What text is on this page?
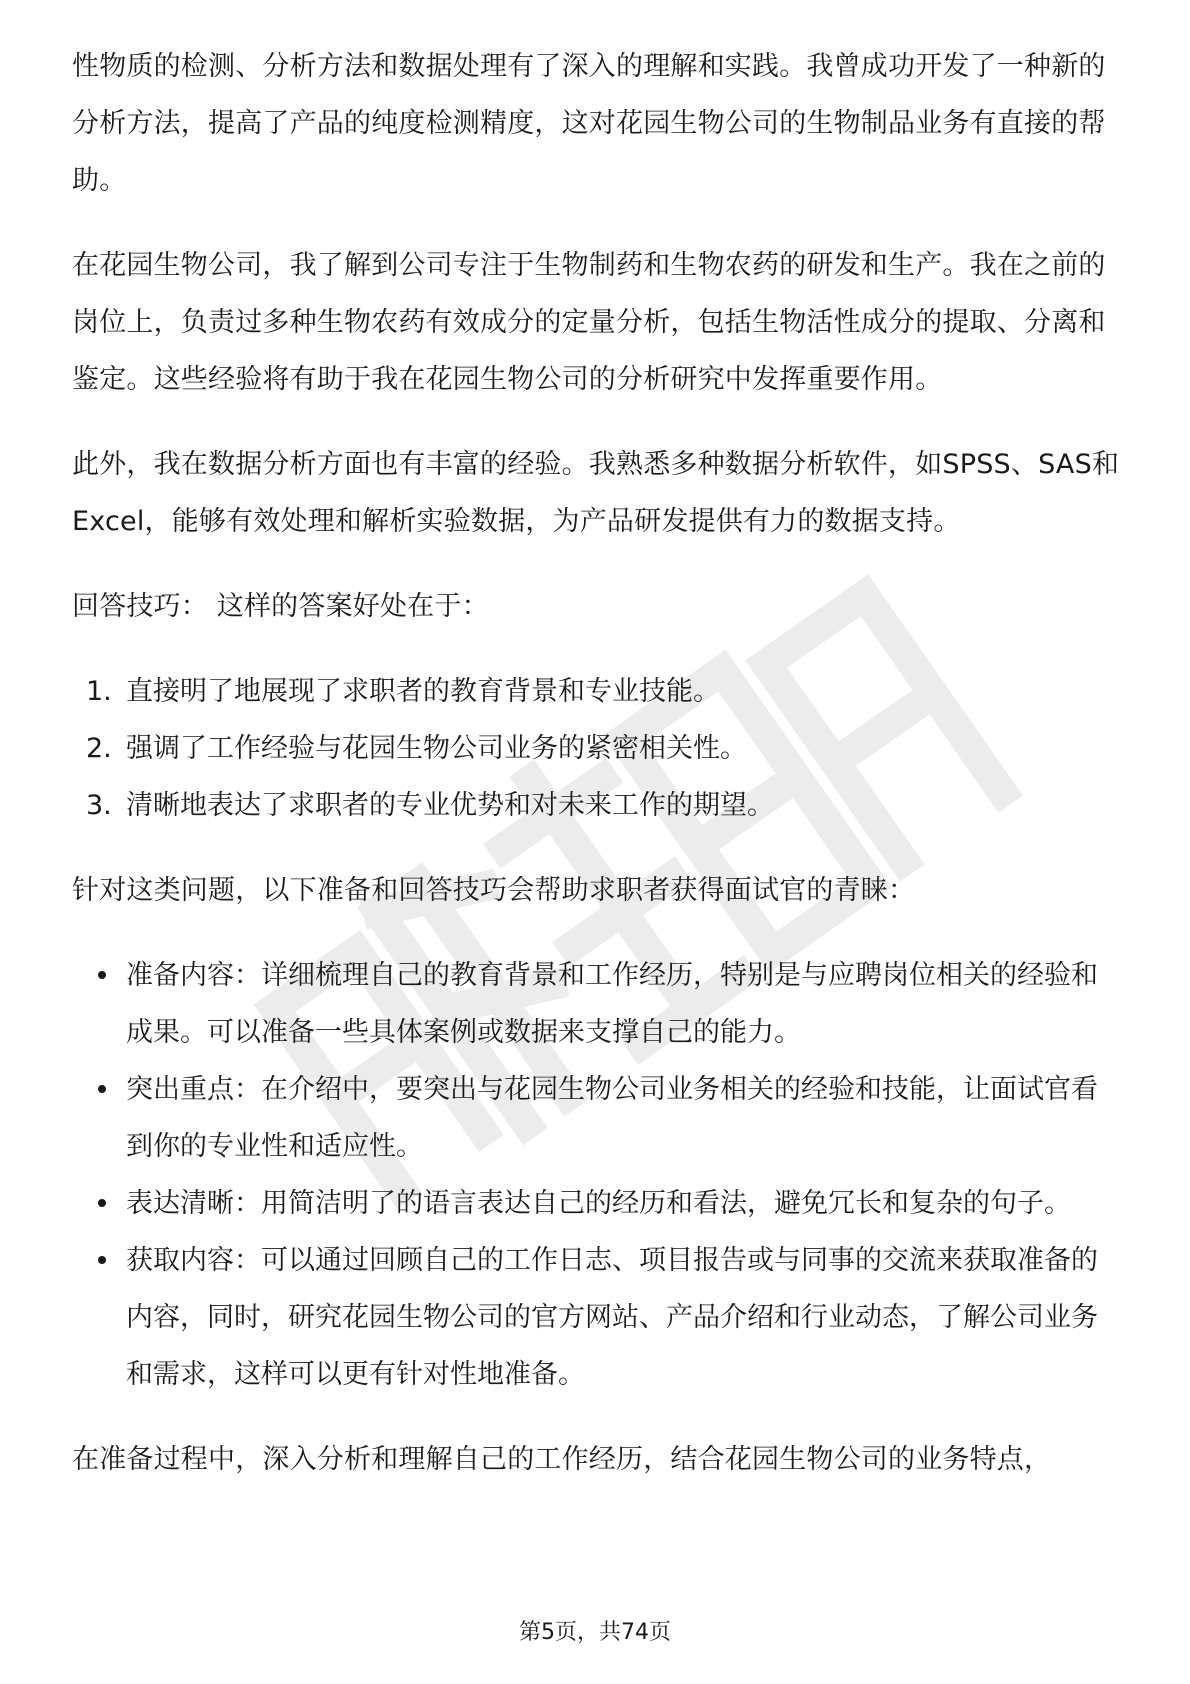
性物质的检测、分析方法和数据处理有了深入的理解和实践。我曾成功开发了一种新的分析方法，提高了产品的纯度检测精度，这对花园生物公司的生物制品业务有直接的帮助。

在花园生物公司，我了解到公司专注于生物制药和生物农药的研发和生产。我在之前的岗位上，负责过多种生物农药有效成分的定量分析，包括生物活性成分的提取、分离和鉴定。这些经验将有助于我在花园生物公司的分析研究中发挥重要作用。

此外，我在数据分析方面也有丰富的经验。我熟悉多种数据分析软件，如SPSS、SAS和Excel，能够有效处理和解析实验数据，为产品研发提供有力的数据支持。

回答技巧： 这样的答案好处在于：

1. 直接明了地展现了求职者的教育背景和专业技能。
2. 强调了工作经验与花园生物公司业务的紧密相关性。
3. 清晰地表达了求职者的专业优势和对未来工作的期望。

针对这类问题，以下准备和回答技巧会帮助求职者获得面试官的青睐：

准备内容：详细梳理自己的教育背景和工作经历，特别是与应聘岗位相关的经验和成果。可以准备一些具体案例或数据来支撑自己的能力。
突出重点：在介绍中，要突出与花园生物公司业务相关的经验和技能，让面试官看到你的专业性和适应性。
表达清晰：用简洁明了的语言表达自己的经历和看法，避免冗长和复杂的句子。
获取内容：可以通过回顾自己的工作日志、项目报告或与同事的交流来获取准备的内容，同时，研究花园生物公司的官方网站、产品介绍和行业动态，了解公司业务和需求，这样可以更有针对性地准备。

在准备过程中，深入分析和理解自己的工作经历，结合花园生物公司的业务特点，

第5页，共74页
